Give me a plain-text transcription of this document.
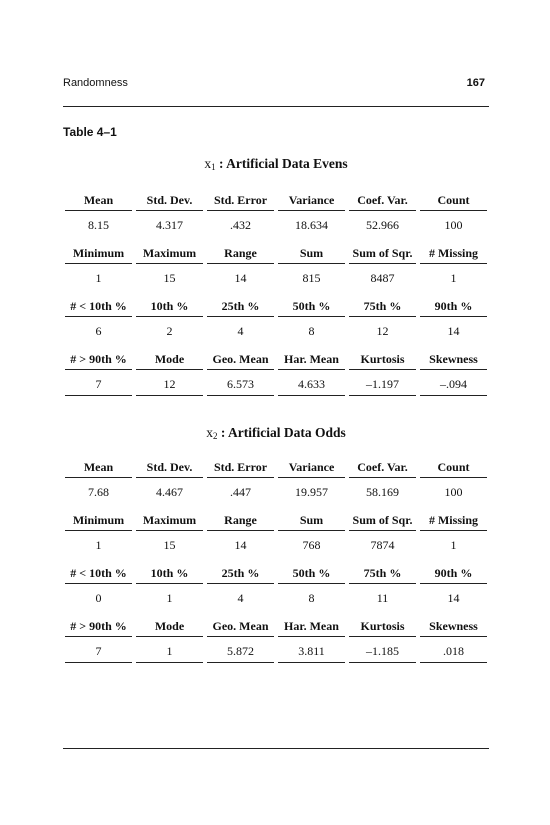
Randomness	167
Table 4–1
$x_1$ : Artificial Data Evens
Mean	Std. Dev.	Std. Error	Variance	Coef. Var.	Count
8.15	4.317	.432	18.634	52.966	100
Minimum	Maximum	Range	Sum	Sum of Sqr.	# Missing
1	15	14	815	8487	1
# < 10th %	10th %	25th %	50th %	75th %	90th %
6	2	4	8	12	14
# > 90th %	Mode	Geo. Mean	Har. Mean	Kurtosis	Skewness
7	12	6.573	4.633	–1.197	–.094
$x_2$ : Artificial Data Odds
Mean	Std. Dev.	Std. Error	Variance	Coef. Var.	Count
7.68	4.467	.447	19.957	58.169	100
Minimum	Maximum	Range	Sum	Sum of Sqr.	# Missing
1	15	14	768	7874	1
# < 10th %	10th %	25th %	50th %	75th %	90th %
0	1	4	8	11	14
# > 90th %	Mode	Geo. Mean	Har. Mean	Kurtosis	Skewness
7	1	5.872	3.811	–1.185	.018
